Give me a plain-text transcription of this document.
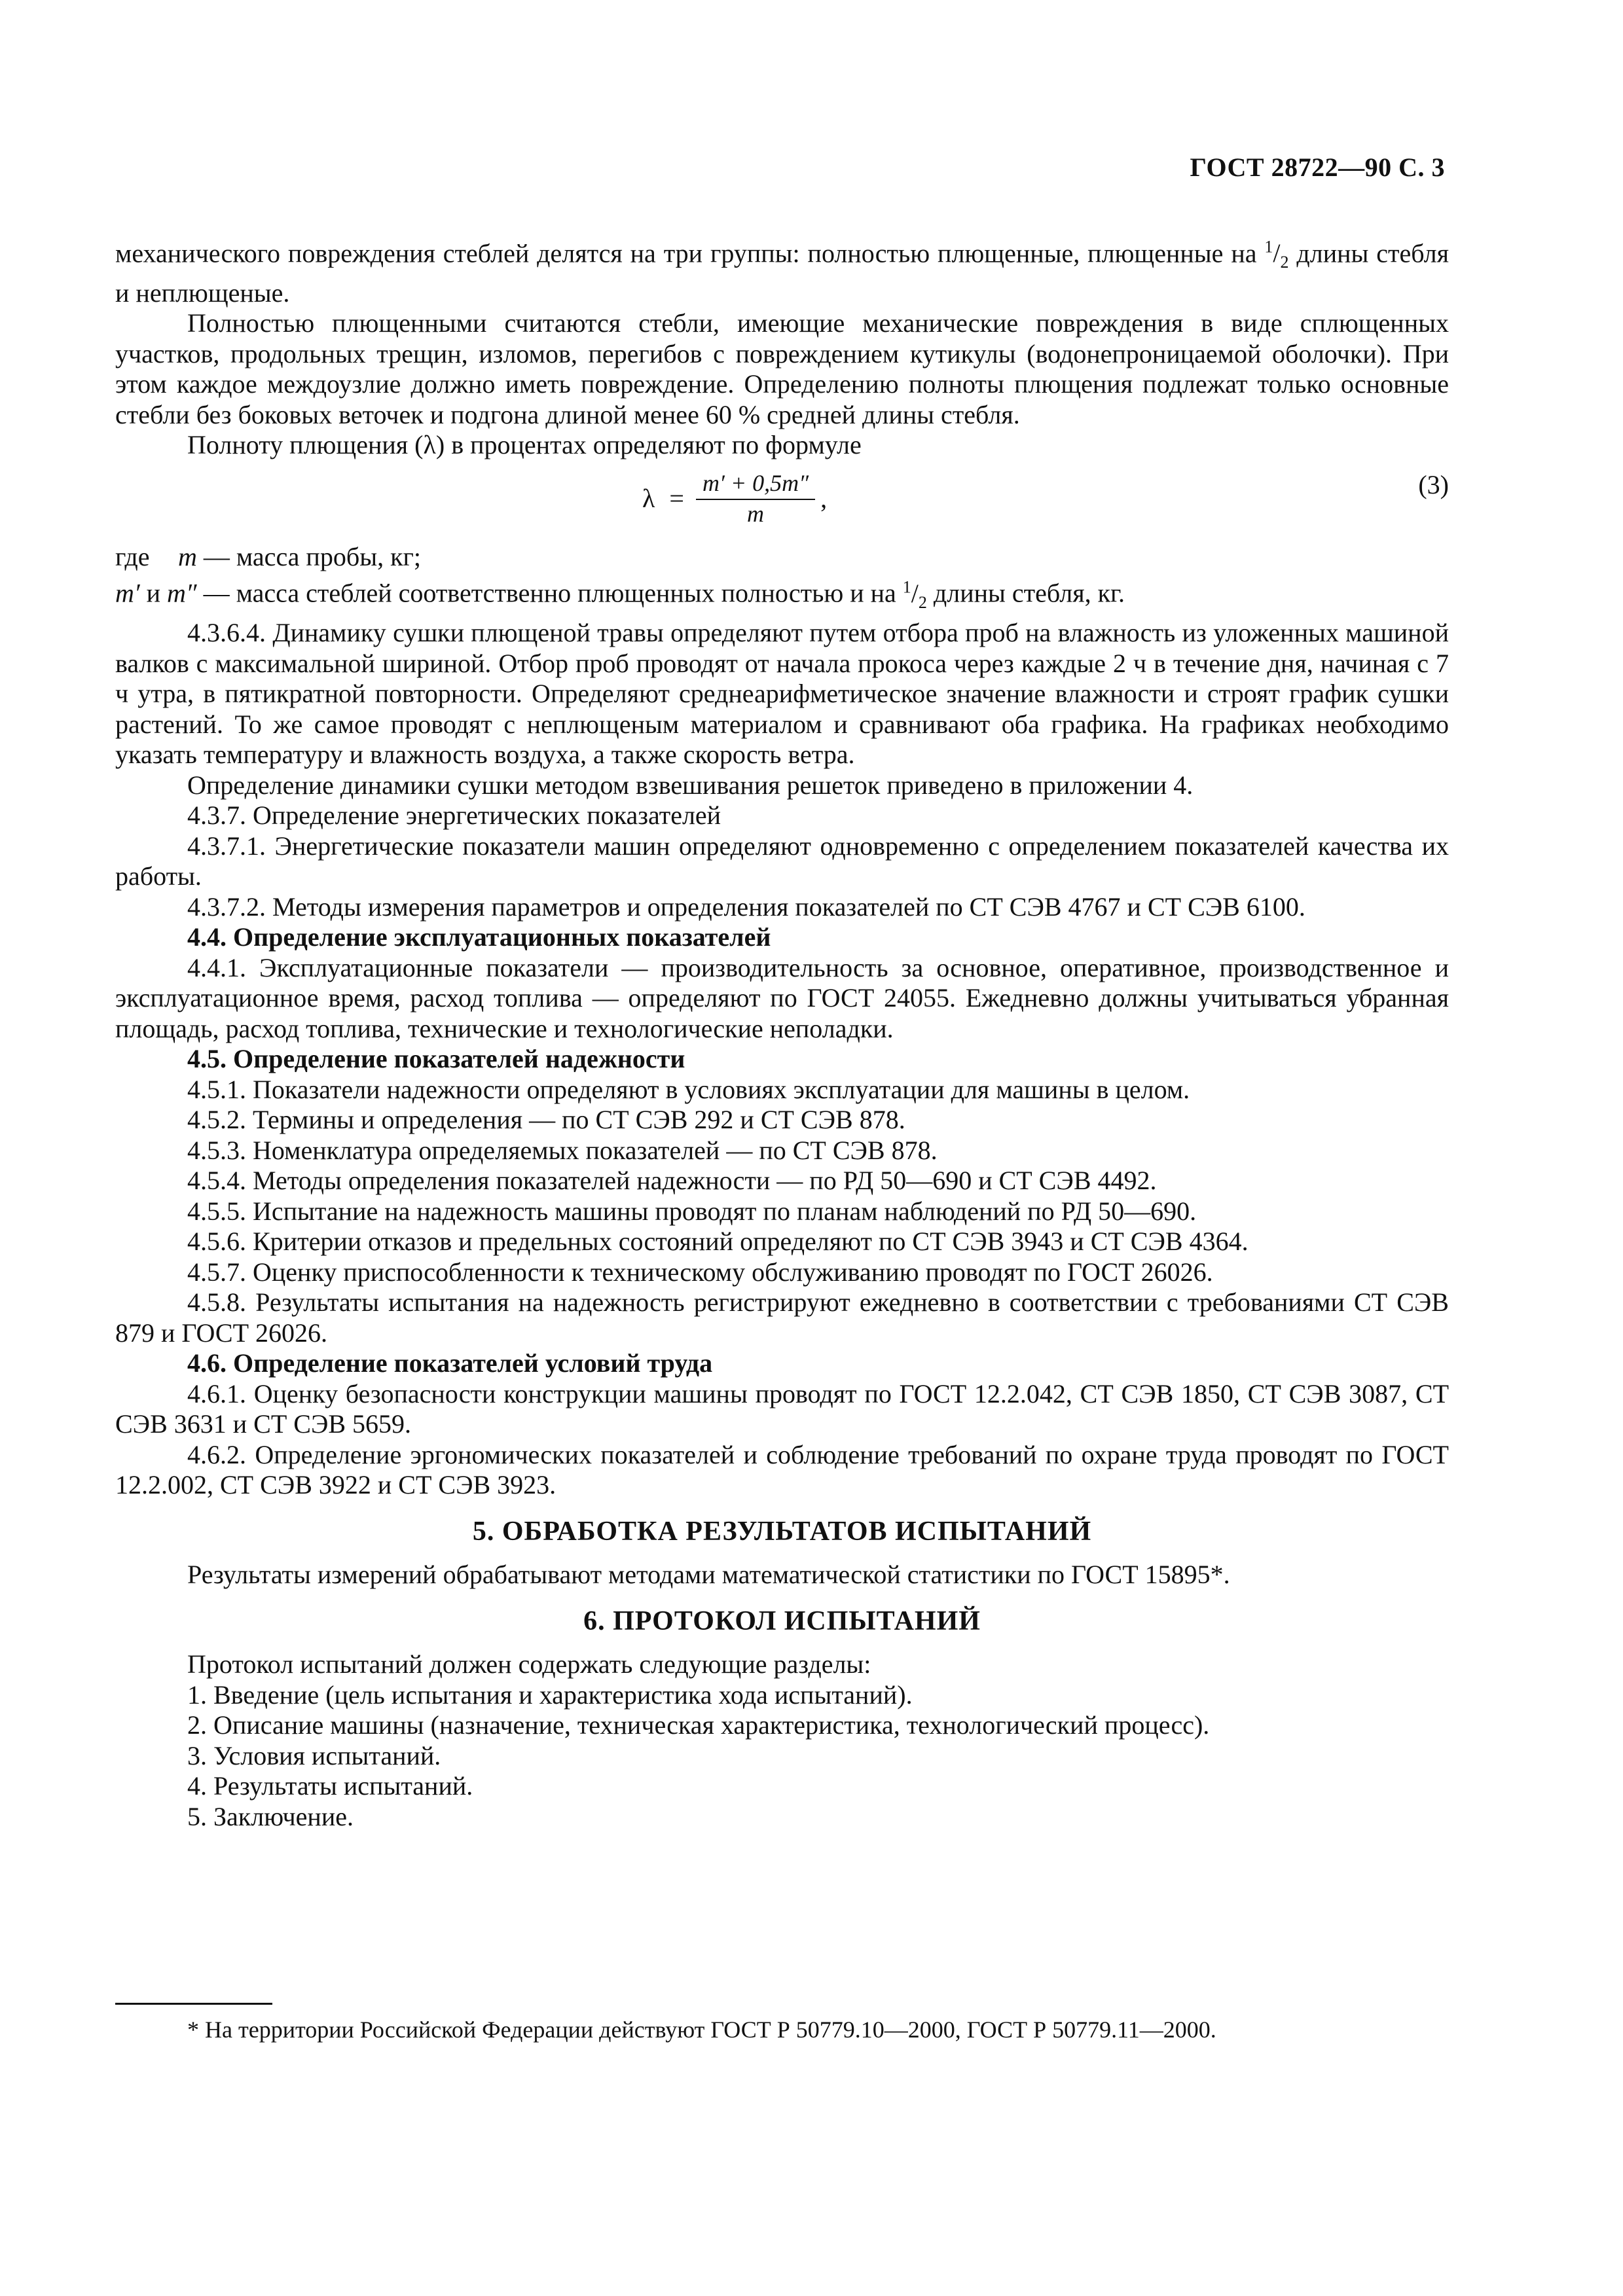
ГОСТ 28722—90 С. 3

механического повреждения стеблей делятся на три группы: полностью плющенные, плющенные на $^1/_2$ длины стебля и неплющеные.

Полностью плющенными считаются стебли, имеющие механические повреждения в виде сплющенных участков, продольных трещин, изломов, перегибов с повреждением кутикулы (водонепроницаемой оболочки). При этом каждое междоузлие должно иметь повреждение. Определению полноты плющения подлежат только основные стебли без боковых веточек и подгона длиной менее 60 % средней длины стебля.

Полноту плющения (λ) в процентах определяют по формуле

$\lambda = \frac{m' + 0,5m''}{m}$ ,	(3)
где	m — масса пробы, кг;

m′ и m″ — масса стеблей соответственно плющенных полностью и на $^1/_2$ длины стебля, кг.

4.3.6.4. Динамику сушки плющеной травы определяют путем отбора проб на влажность из уложенных машиной валков с максимальной шириной. Отбор проб проводят от начала прокоса через каждые 2 ч в течение дня, начиная с 7 ч утра, в пятикратной повторности. Определяют среднеарифметическое значение влажности и строят график сушки растений. То же самое проводят с неплющеным материалом и сравнивают оба графика. На графиках необходимо указать температуру и влажность воздуха, а также скорость ветра.

Определение динамики сушки методом взвешивания решеток приведено в приложении 4.

4.3.7. Определение энергетических показателей

4.3.7.1. Энергетические показатели машин определяют одновременно с определением показателей качества их работы.

4.3.7.2. Методы измерения параметров и определения показателей по СТ СЭВ 4767 и СТ СЭВ 6100.

4.4. Определение эксплуатационных показателей

4.4.1. Эксплуатационные показатели — производительность за основное, оперативное, производственное и эксплуатационное время, расход топлива — определяют по ГОСТ 24055. Ежедневно должны учитываться убранная площадь, расход топлива, технические и технологические неполадки.

4.5. Определение показателей надежности

4.5.1. Показатели надежности определяют в условиях эксплуатации для машины в целом.

4.5.2. Термины и определения — по СТ СЭВ 292 и СТ СЭВ 878.

4.5.3. Номенклатура определяемых показателей — по СТ СЭВ 878.

4.5.4. Методы определения показателей надежности — по РД 50—690 и СТ СЭВ 4492.

4.5.5. Испытание на надежность машины проводят по планам наблюдений по РД 50—690.

4.5.6. Критерии отказов и предельных состояний определяют по СТ СЭВ 3943 и СТ СЭВ 4364.

4.5.7. Оценку приспособленности к техническому обслуживанию проводят по ГОСТ 26026.

4.5.8. Результаты испытания на надежность регистрируют ежедневно в соответствии с требованиями СТ СЭВ 879 и ГОСТ 26026.

4.6. Определение показателей условий труда

4.6.1. Оценку безопасности конструкции машины проводят по ГОСТ 12.2.042, СТ СЭВ 1850, СТ СЭВ 3087, СТ СЭВ 3631 и СТ СЭВ 5659.

4.6.2. Определение эргономических показателей и соблюдение требований по охране труда проводят по ГОСТ 12.2.002, СТ СЭВ 3922 и СТ СЭВ 3923.

5. ОБРАБОТКА РЕЗУЛЬТАТОВ ИСПЫТАНИЙ

Результаты измерений обрабатывают методами математической статистики по ГОСТ 15895*.

6. ПРОТОКОЛ ИСПЫТАНИЙ

Протокол испытаний должен содержать следующие разделы:

1. Введение (цель испытания и характеристика хода испытаний).

2. Описание машины (назначение, техническая характеристика, технологический процесс).

3. Условия испытаний.

4. Результаты испытаний.

5. Заключение.

* На территории Российской Федерации действуют ГОСТ Р 50779.10—2000, ГОСТ Р 50779.11—2000.
